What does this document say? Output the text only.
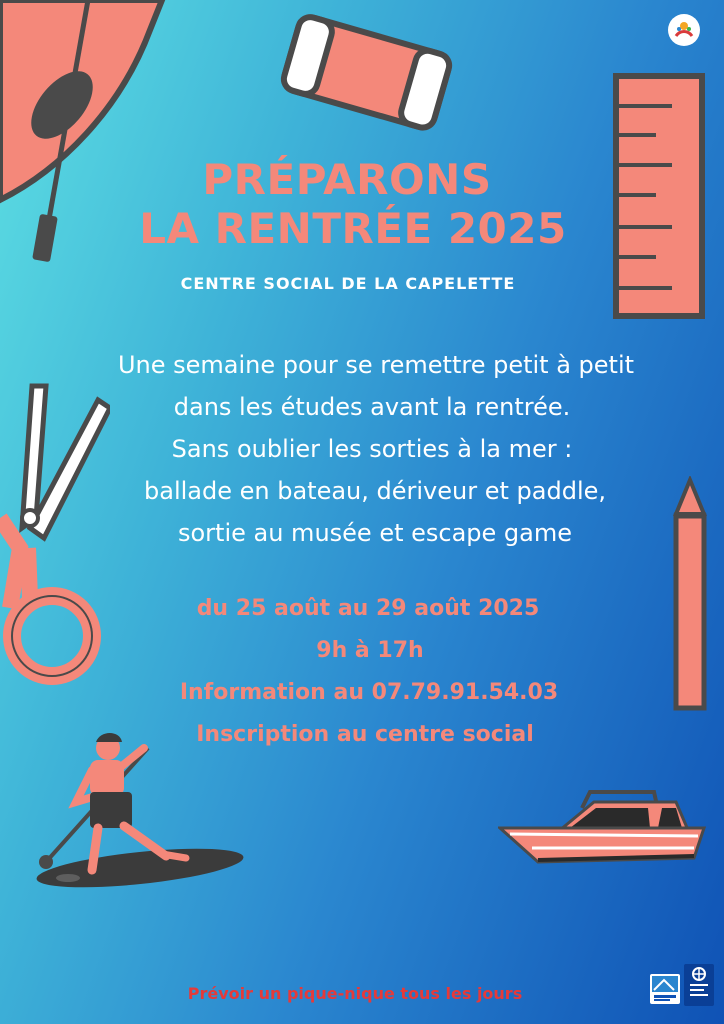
PRÉPARONS
LA RENTRÉE 2025
CENTRE SOCIAL DE LA CAPELETTE
Une semaine pour se remettre petit à petit
dans les études avant la rentrée.
Sans oublier les sorties à la mer :
ballade en bateau, dériveur et paddle,
sortie au musée et escape game
du 25 août au 29 août 2025
9h à 17h
Information au 07.79.91.54.03
Inscription au centre social
Prévoir un pique-nique tous les jours
